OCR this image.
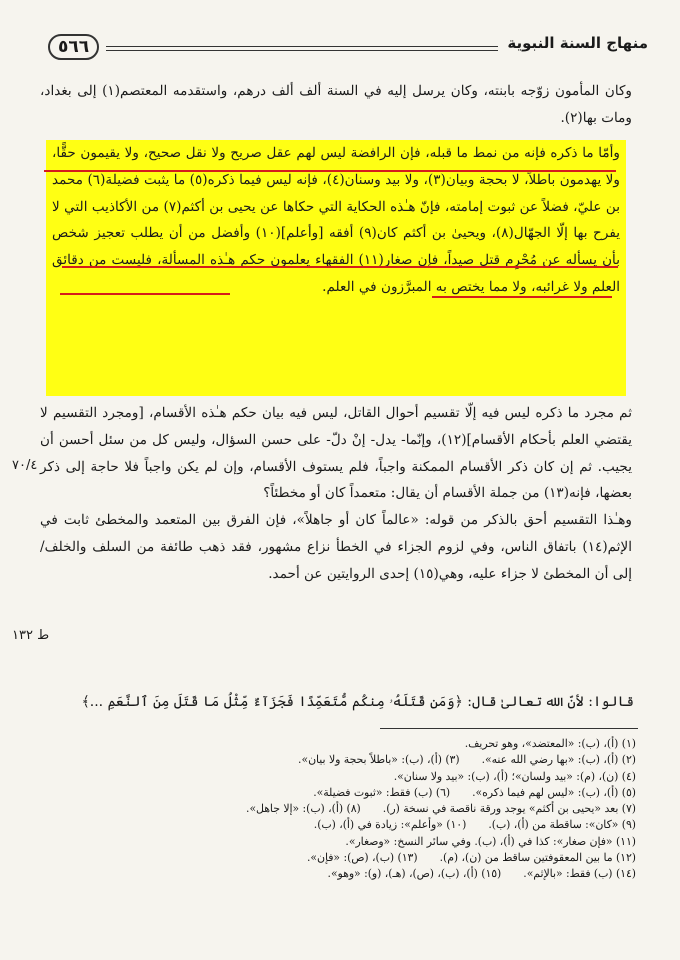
منهاج السنة النبوية
٥٦٦

وكان المأمون زوّجه بابنته، وكان يرسل إليه في السنة ألف ألف درهم، واستقدمه المعتصم(١) إلى بغداد، ومات بها(٢).

وأمّا ما ذكره فإنه من نمط ما قبله، فإن الرافضة ليس لهم عقل صريح ولا نقل صحيح، ولا يقيمون حقًّا، ولا يهدمون باطلاً، لا بحجة وبيان(٣)، ولا بيد وسنان(٤)، فإنه ليس فيما ذكره(٥) ما يثبت فضيلة(٦) محمد بن عليّ، فضلاً عن ثبوت إمامته، فإنّ هـٰذه الحكاية التي حكاها عن يحيى بن أكثم(٧) من الأكاذيب التي لا يفرح بها إلّا الجهّال(٨)، ويحيىٰ بن أكثم كان(٩) أفقه [وأعلم](١٠) وأفضل من أن يطلب تعجيز شخص بأن يسأله عن مُحْرِم قتل صيداً، فإن صغار(١١) الفقهاء يعلمون حكم هـٰذه المسألة، فليست من دقائق العلم ولا غرائبه، ولا مما يختص به المبرَّزون في العلم.

ثم مجرد ما ذكره ليس فيه إلّا تقسيم أحوال القاتل، ليس فيه بيان حكم هـٰذه الأقسام، [ومجرد التقسيم لا يقتضي العلم بأحكام الأقسام](١٢)، وإنّما- يدل- إنْ دلّ- على حسن السؤال، وليس كل من سئل أحسن أن يجيب. ثم إن كان ذكر الأقسام الممكنة واجباً، فلم يستوف الأقسام، وإن لم يكن واجباً فلا حاجة إلى ذكر بعضها، فإنه(١٣) من جملة الأقسام أن يقال: متعمداً كان أو مخطئاً؟

وهـٰذا التقسيم أحق بالذكر من قوله: «عالماً كان أو جاهلاً»، فإن الفرق بين المتعمد والمخطئ ثابت في الإثم(١٤) باتفاق الناس، وفي لزوم الجزاء في الخطأ نزاع مشهور، فقد ذهب طائفة من السلف والخلف/ إلى أن المخطئ لا جزاء عليه، وهي(١٥) إحدى الروايتين عن أحمد.

٧٠/٤
ط ١٣٢
قالوا: لأنّ الله تعالىٰ قال: ﴿وَمَن قَتَلَهُۥ مِنكُم مُّتَعَمِّدًا فَجَزَآءٌ مِّثْلُ مَا قَتَلَ مِنَ ٱلنَّعَمِ ...﴾
(١) (أ)، (ب): «المعتضد»، وهو تحريف.
(٢) (أ)، (ب): «بها رضي الله عنه».
(٣) (أ)، (ب): «باطلاً بحجة ولا بيان».
(٤) (ن)، (م): «بيد ولسان»؛ (أ)، (ب): «بيد ولا سنان».
(٥) (أ)، (ب): «ليس لهم فيما ذكره».
(٦) (ب) فقط: «ثبوت فضيلة».
(٧) بعد «يحيى بن أكثم» يوجد ورقة ناقصة في نسخة (ر).
(٨) (أ)، (ب): «إلا جاهل».
(٩) «كان»: ساقطة من (أ)، (ب).
(١٠) «وأعلم»: زيادة في (أ)، (ب).
(١١) «فإن صغار»: كذا في (أ)، (ب). وفي سائر النسخ: «وصغار».
(١٢) ما بين المعقوفتين ساقط من (ن)، (م).
(١٣) (ب)، (ص): «فإن».
(١٤) (ب) فقط: «بالإثم».
(١٥) (أ)، (ب)، (ص)، (هـ)، (و): «وهو».
